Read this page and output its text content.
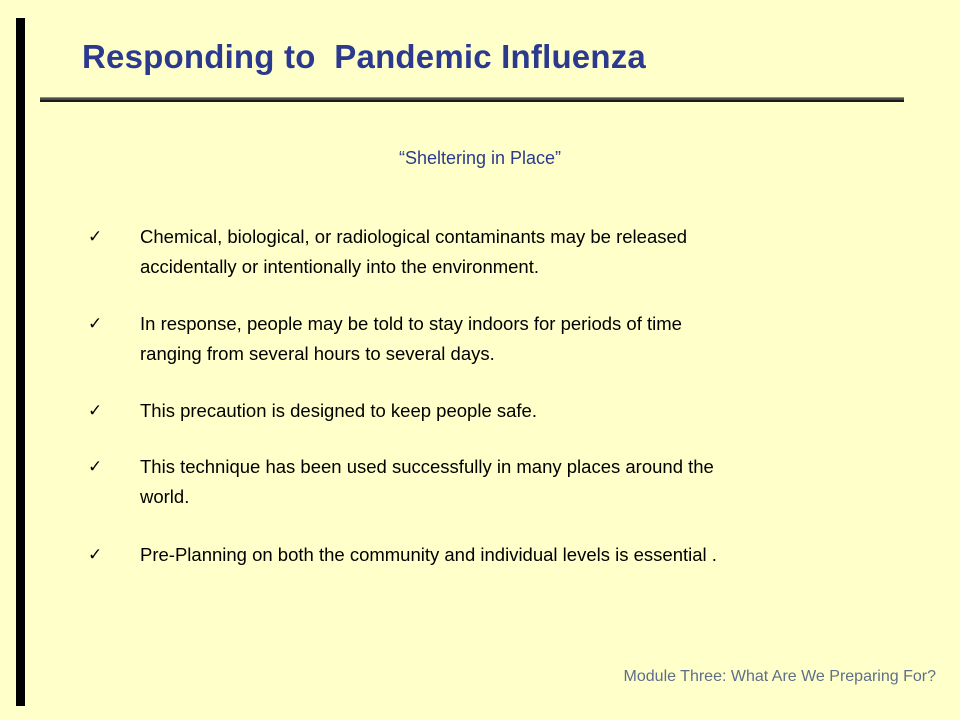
Responding to  Pandemic Influenza
“Sheltering in Place”
✓	Chemical, biological, or radiological contaminants may be released
accidentally or intentionally into the environment.
✓	In response, people may be told to stay indoors for periods of time
ranging from several hours to several days.
✓	This precaution is designed to keep people safe.
✓	This technique has been used successfully in many places around the
world.
✓	Pre-Planning on both the community and individual levels is essential .
Module Three: What Are We Preparing For?
